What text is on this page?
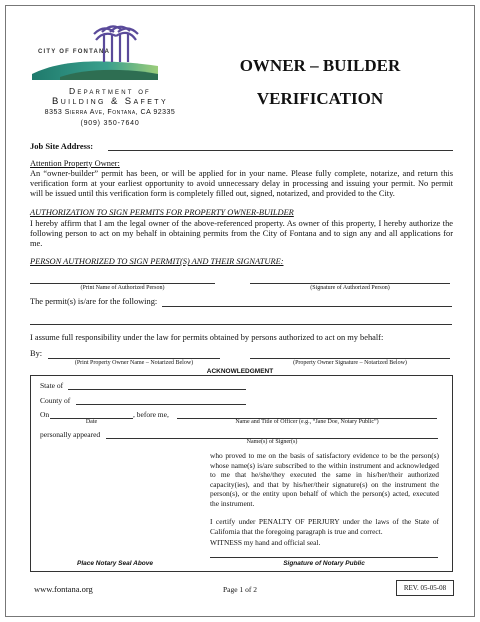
CITY OF FONTANA
Department of
Building & Safety
8353 Sierra Ave, Fontana, CA 92335
(909) 350-7640
OWNER – BUILDER
VERIFICATION
Job Site Address:
Attention Property Owner:
An “owner-builder” permit has been, or will be applied for in your name. Please fully complete, notarize, and return this verification form at your earliest opportunity to avoid unnecessary delay in processing and issuing your permit. No permit will be issued until this verification form is completely filled out, signed, notarized, and provided to the City.
AUTHORIZATION TO SIGN PERMITS FOR PROPERTY OWNER-BUILDER
I hereby affirm that I am the legal owner of the above-referenced property. As owner of this property, I hereby authorize the following person to act on my behalf in obtaining permits from the City of Fontana and to sign any and all applications for me.
PERSON AUTHORIZED TO SIGN PERMIT(S) AND THEIR SIGNATURE:
(Print Name of Authorized Person)	(Signature of Authorized Person)
The permit(s) is/are for the following:
I assume full responsibility under the law for permits obtained by persons authorized to act on my behalf:
By:
(Print Property Owner Name – Notarized Below)	(Property Owner Signature – Notarized Below)
ACKNOWLEDGMENT
State of
County of
On	, before me,
Date	Name and Title of Officer (e.g., “Jane Doe, Notary Public”)
personally appeared
Name(s) of Signer(s)
who proved to me on the basis of satisfactory evidence to be the person(s) whose name(s) is/are subscribed to the within instrument and acknowledged to me that he/she/they executed the same in his/her/their authorized capacity(ies), and that by his/her/their signature(s) on the instrument the person(s), or the entity upon behalf of which the person(s) acted, executed the instrument.
I certify under PENALTY OF PERJURY under the laws of the State of California that the foregoing paragraph is true and correct.
WITNESS my hand and official seal.
Place Notary Seal Above	Signature of Notary Public
www.fontana.org	Page 1 of 2	REV. 05-05-08
